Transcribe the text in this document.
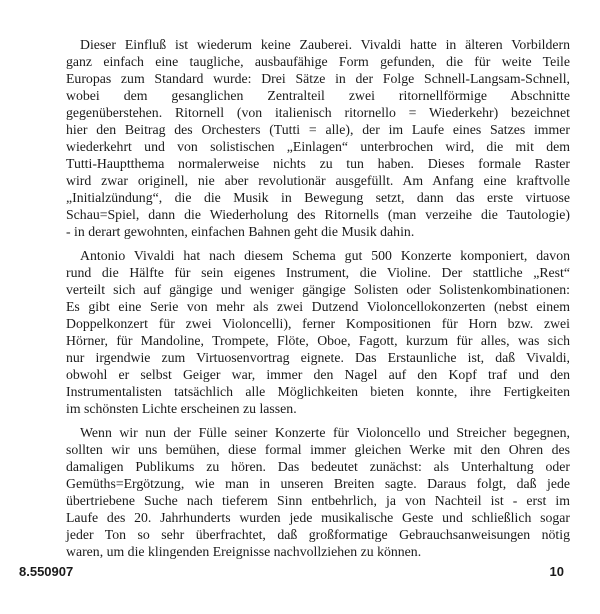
Dieser Einfluß ist wiederum keine Zauberei. Vivaldi hatte in älteren Vorbildern
ganz einfach eine taugliche, ausbaufähige Form gefunden, die für weite Teile
Europas zum Standard wurde: Drei Sätze in der Folge Schnell-Langsam-Schnell,
wobei dem gesanglichen Zentralteil zwei ritornellförmige Abschnitte
gegenüberstehen. Ritornell (von italienisch ritornello = Wiederkehr) bezeichnet
hier den Beitrag des Orchesters (Tutti = alle), der im Laufe eines Satzes immer
wiederkehrt und von solistischen „Einlagen“ unterbrochen wird, die mit dem
Tutti-Hauptthema normalerweise nichts zu tun haben. Dieses formale Raster
wird zwar originell, nie aber revolutionär ausgefüllt. Am Anfang eine kraftvolle
„Initialzündung“, die die Musik in Bewegung setzt, dann das erste virtuose
Schau=Spiel, dann die Wiederholung des Ritornells (man verzeihe die Tautologie)
- in derart gewohnten, einfachen Bahnen geht die Musik dahin.
Antonio Vivaldi hat nach diesem Schema gut 500 Konzerte komponiert, davon
rund die Hälfte für sein eigenes Instrument, die Violine. Der stattliche „Rest“
verteilt sich auf gängige und weniger gängige Solisten oder Solistenkombinationen:
Es gibt eine Serie von mehr als zwei Dutzend Violoncellokonzerten (nebst einem
Doppelkonzert für zwei Violoncelli), ferner Kompositionen für Horn bzw. zwei
Hörner, für Mandoline, Trompete, Flöte, Oboe, Fagott, kurzum für alles, was sich
nur irgendwie zum Virtuosenvortrag eignete. Das Erstaunliche ist, daß Vivaldi,
obwohl er selbst Geiger war, immer den Nagel auf den Kopf traf und den
Instrumentalisten tatsächlich alle Möglichkeiten bieten konnte, ihre Fertigkeiten
im schönsten Lichte erscheinen zu lassen.
Wenn wir nun der Fülle seiner Konzerte für Violoncello und Streicher begegnen,
sollten wir uns bemühen, diese formal immer gleichen Werke mit den Ohren des
damaligen Publikums zu hören. Das bedeutet zunächst: als Unterhaltung oder
Gemüths=Ergötzung, wie man in unseren Breiten sagte. Daraus folgt, daß jede
übertriebene Suche nach tieferem Sinn entbehrlich, ja von Nachteil ist - erst im
Laufe des 20. Jahrhunderts wurden jede musikalische Geste und schließlich sogar
jeder Ton so sehr überfrachtet, daß großformatige Gebrauchsanweisungen nötig
waren, um die klingenden Ereignisse nachvollziehen zu können.
8.550907	10
